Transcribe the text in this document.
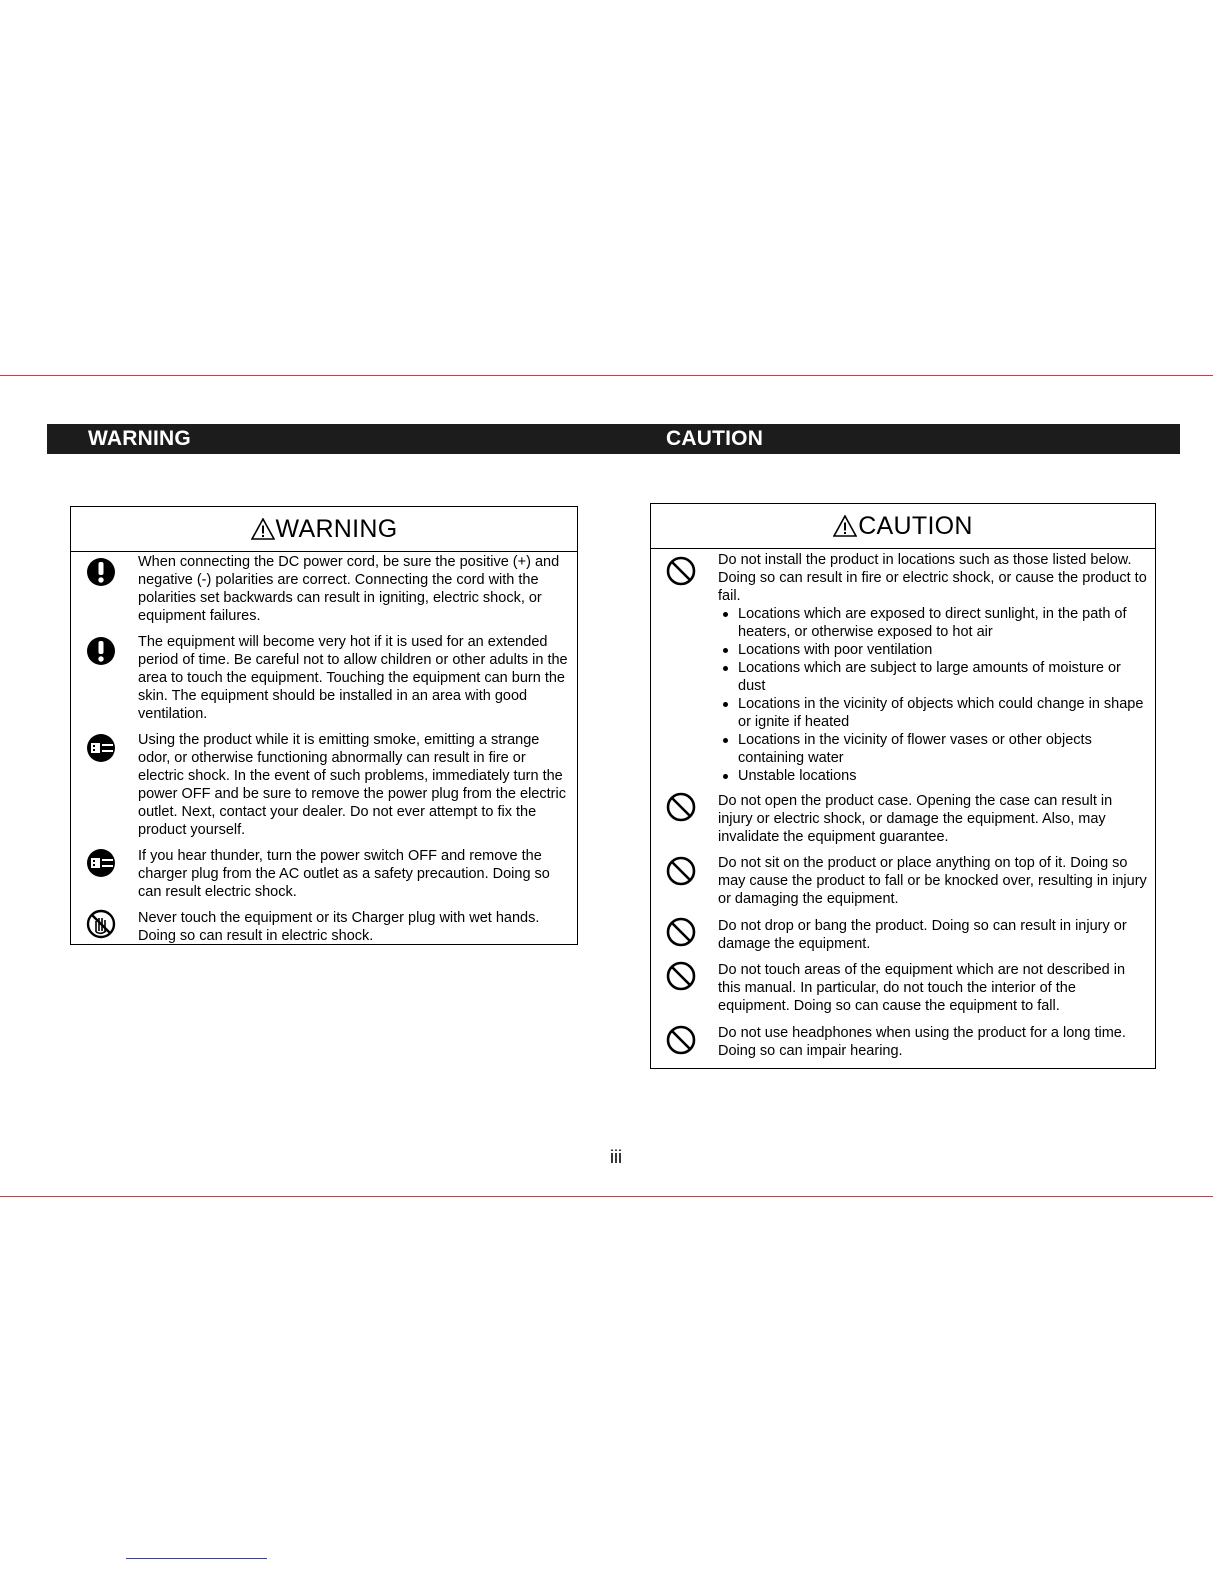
WARNING	CAUTION
WARNING
When connecting the DC power cord, be sure the positive (+) and negative (-) polarities are correct. Connecting the cord with the polarities set backwards can result in igniting, electric shock, or equipment failures.
The equipment will become very hot if it is used for an extended period of time. Be careful not to allow children or other adults in the area to touch the equipment. Touching the equipment can burn the skin. The equipment should be installed in an area with good ventilation.
Using the product while it is emitting smoke, emitting a strange odor, or otherwise functioning abnormally can result in fire or electric shock. In the event of such problems, immediately turn the power OFF and be sure to remove the power plug from the electric outlet. Next, contact your dealer. Do not ever attempt to fix the product yourself.
If you hear thunder, turn the power switch OFF and remove the charger plug from the AC outlet as a safety precaution. Doing so can result electric shock.
Never touch the equipment or its Charger plug with wet hands. Doing so can result in electric shock.
CAUTION
Do not install the product in locations such as those listed below. Doing so can result in fire or electric shock, or cause the product to fail.
Locations which are exposed to direct sunlight, in the path of heaters, or otherwise exposed to hot air
Locations with poor ventilation
Locations which are subject to large amounts of moisture or dust
Locations in the vicinity of objects which could change in shape or ignite if heated
Locations in the vicinity of flower vases or other objects containing water
Unstable locations
Do not open the product case. Opening the case can result in injury or electric shock, or damage the equipment. Also, may invalidate the equipment guarantee.
Do not sit on the product or place anything on top of it. Doing so may cause the product to fall or be knocked over, resulting in injury or damaging the equipment.
Do not drop or bang the product. Doing so can result in injury or damage the equipment.
Do not touch areas of the equipment which are not described in this manual. In particular, do not touch the interior of the equipment. Doing so can cause the equipment to fall.
Do not use headphones when using the product for a long time. Doing so can impair hearing.
iii
